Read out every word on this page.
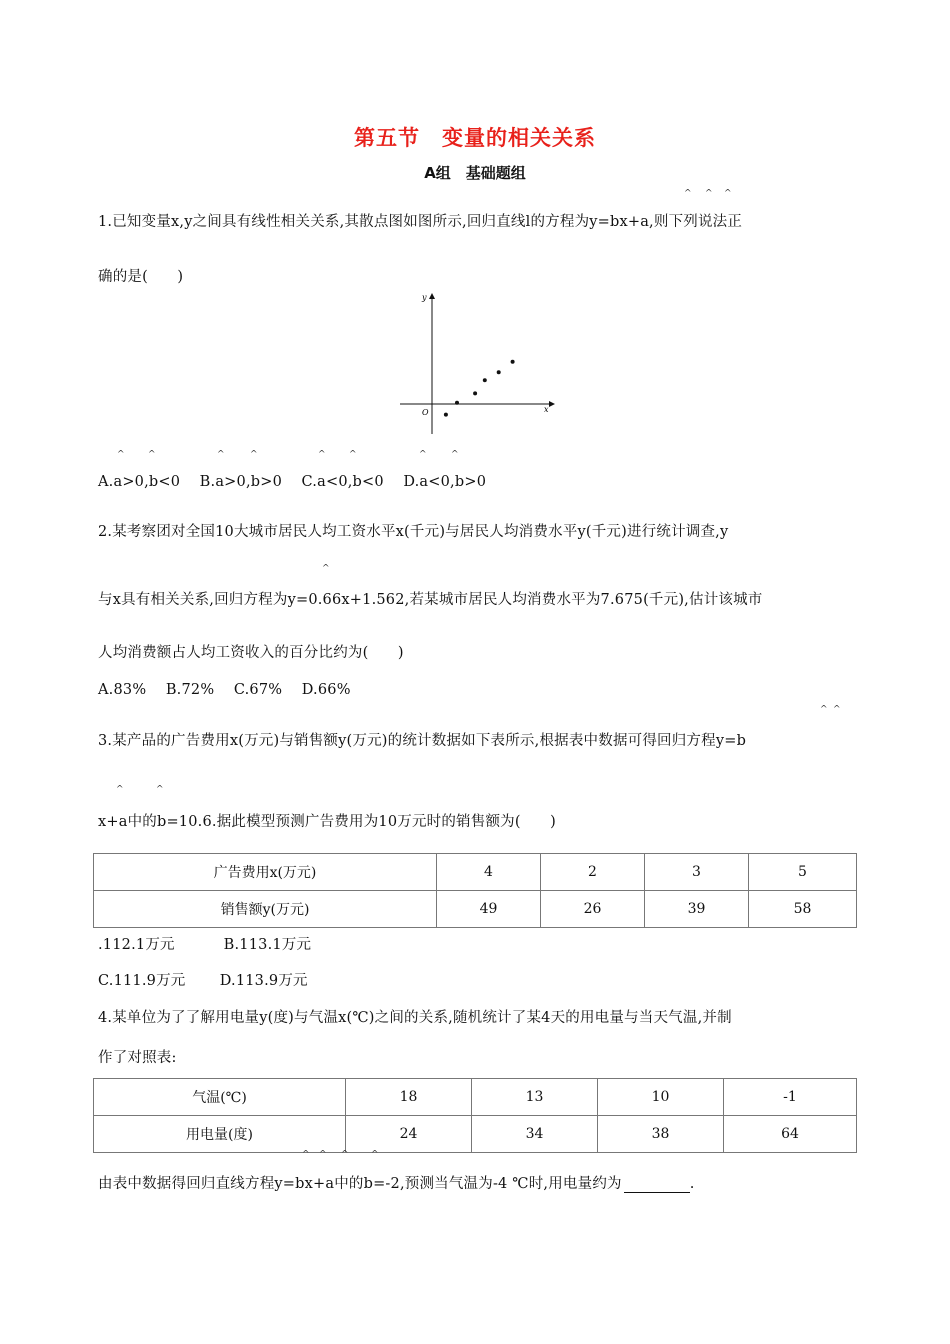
第五节　变量的相关关系
A组　基础题组
1.已知变量x,y之间具有线性相关关系,其散点图如图所示,回归直线l的方程为y=bx+a,则下列说法正
^ ^ ^
确的是(　　)
x
y
O
^	^	^	^	^	^	^	^
A.a>0,b<0　 B.a>0,b>0　 C.a<0,b<0　 D.a<0,b>0
2.某考察团对全国10大城市居民人均工资水平x(千元)与居民人均消费水平y(千元)进行统计调查,y
^
与x具有相关关系,回归方程为y=0.66x+1.562,若某城市居民人均消费水平为7.675(千元),估计该城市
人均消费额占人均工资收入的百分比约为(　　)
A.83%　 B.72%　 C.67%　 D.66%
^ ^
3.某产品的广告费用x(万元)与销售额y(万元)的统计数据如下表所示,根据表中数据可得回归方程y=b
^	^
x+a中的b=10.6.据此模型预测广告费用为10万元时的销售额为(　　)
广告费用x(万元)	4	2	3	5
销售额y(万元)	49	26	39	58
.112.1万元　　　 B.113.1万元
C.111.9万元　　 D.113.9万元
4.某单位为了了解用电量y(度)与气温x(℃)之间的关系,随机统计了某4天的用电量与当天气温,并制
作了对照表:
气温(℃)	18	13	10	-1
用电量(度)	24	34	38	64
^ ^ ^ ^
由表中数据得回归直线方程y=bx+a中的b=-2,预测当气温为-4 ℃时,用电量约为	.
